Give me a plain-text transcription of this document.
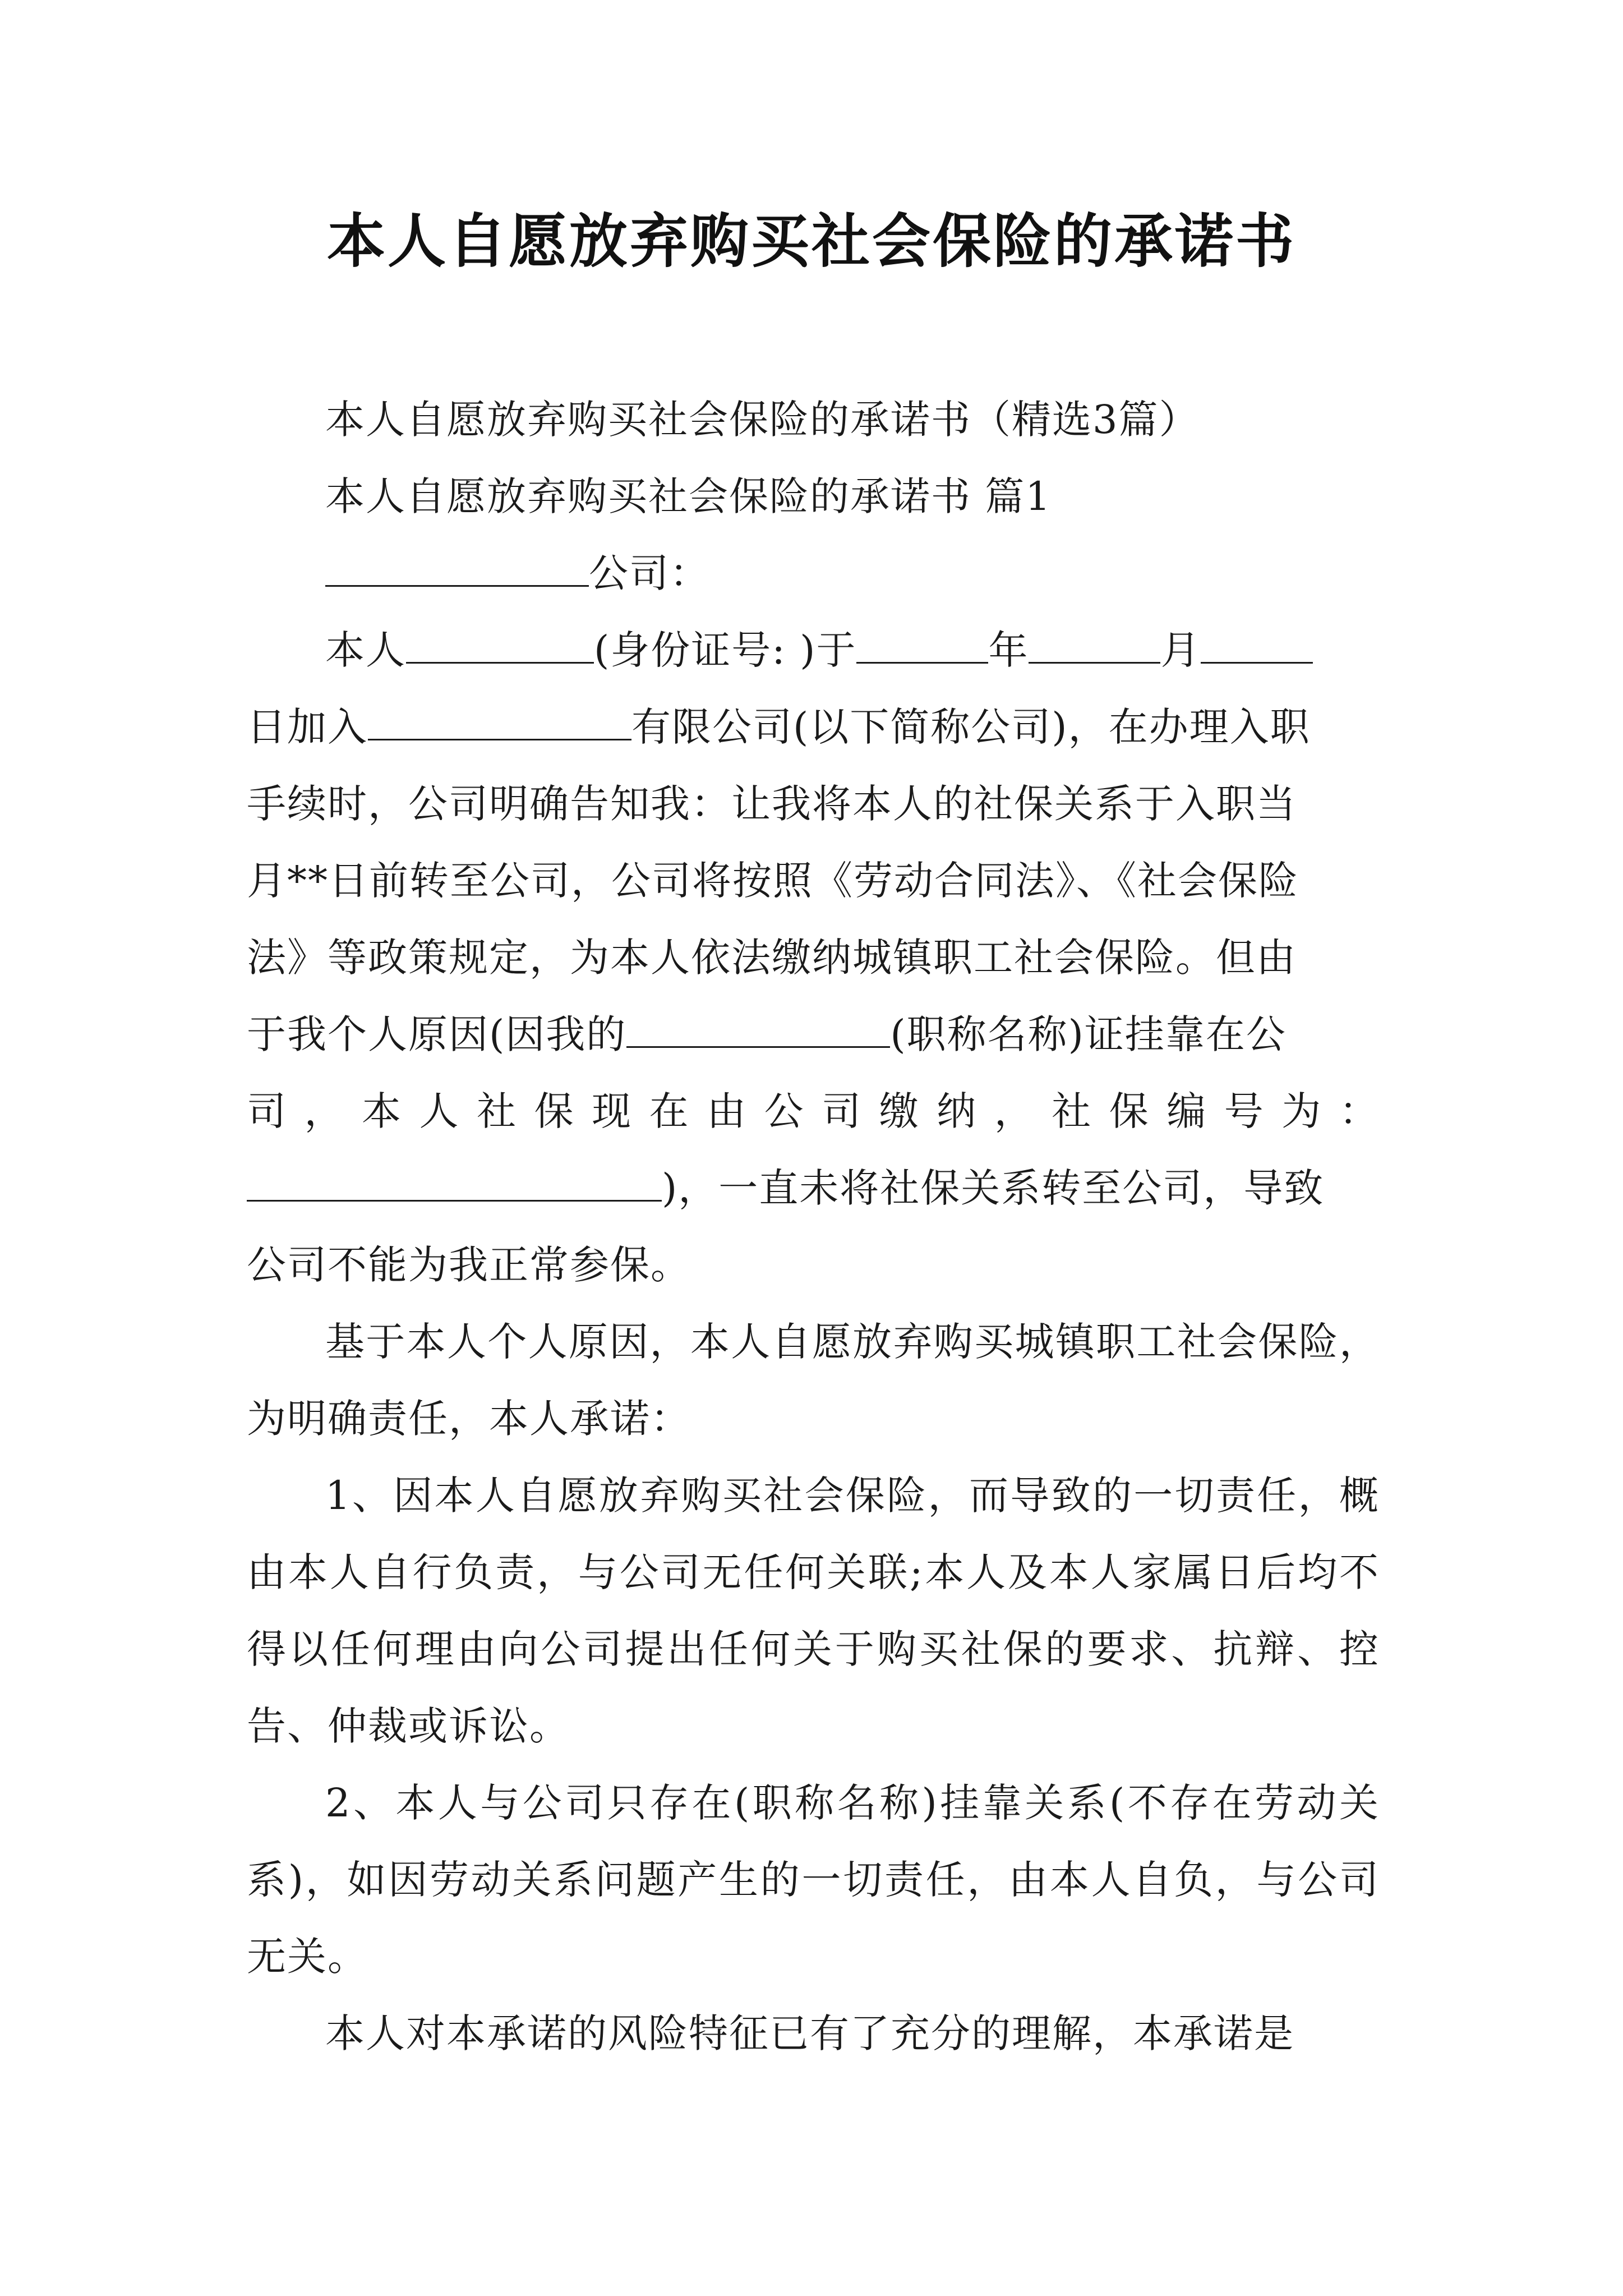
本人自愿放弃购买社会保险的承诺书

本人自愿放弃购买社会保险的承诺书（精选3篇）

本人自愿放弃购买社会保险的承诺书 篇1

公司：

本人	(身份证号: )于	年	月

日加入	有限公司(以下简称公司)，在办理入职

手续时，公司明确告知我：让我将本人的社保关系于入职当

月**日前转至公司，公司将按照《劳动合同法》、《社会保险

法》等政策规定，为本人依法缴纳城镇职工社会保险。但由

于我个人原因(因我的	(职称名称)证挂靠在公

司 ， 本 人 社 保 现 在 由 公 司 缴 纳 ， 社 保 编 号 为 ：

)，一直未将社保关系转至公司，导致

公司不能为我正常参保。

基于本人个人原因，本人自愿放弃购买城镇职工社会保险，为明确责任，本人承诺：

1、因本人自愿放弃购买社会保险，而导致的一切责任，概由本人自行负责，与公司无任何关联;本人及本人家属日后均不得以任何理由向公司提出任何关于购买社保的要求、抗辩、控告、仲裁或诉讼。

2、本人与公司只存在(职称名称)挂靠关系(不存在劳动关系)，如因劳动关系问题产生的一切责任，由本人自负，与公司无关。

本人对本承诺的风险特征已有了充分的理解，本承诺是
